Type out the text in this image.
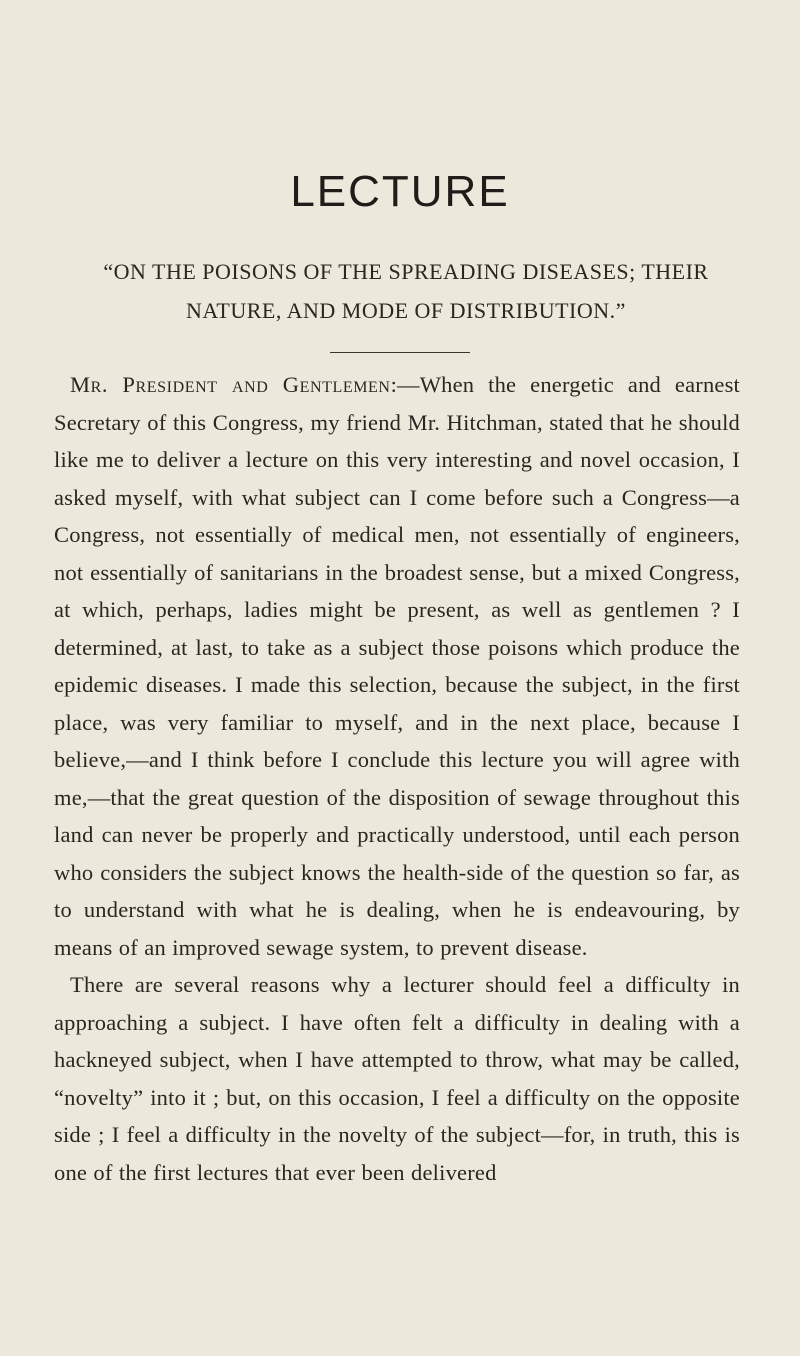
LECTURE
“ON THE POISONS OF THE SPREADING DISEASES; THEIR NATURE, AND MODE OF DISTRIBUTION.”

Mr. President and Gentlemen:—When the energetic and earnest Secretary of this Congress, my friend Mr. Hitchman, stated that he should like me to deliver a lecture on this very interesting and novel occasion, I asked myself, with what subject can I come before such a Congress—a Congress, not essentially of medical men, not essentially of engineers, not essentially of sanitarians in the broadest sense, but a mixed Congress, at which, perhaps, ladies might be present, as well as gentlemen ? I determined, at last, to take as a subject those poisons which produce the epidemic diseases. I made this selection, because the subject, in the first place, was very familiar to myself, and in the next place, because I believe,—and I think before I conclude this lecture you will agree with me,—that the great question of the disposition of sewage throughout this land can never be properly and practically understood, until each person who considers the subject knows the health-side of the question so far, as to understand with what he is dealing, when he is endeavouring, by means of an improved sewage system, to prevent disease.

There are several reasons why a lecturer should feel a difficulty in approaching a subject. I have often felt a difficulty in dealing with a hackneyed subject, when I have attempted to throw, what may be called, “novelty” into it ; but, on this occasion, I feel a difficulty on the opposite side ; I feel a difficulty in the novelty of the subject—for, in truth, this is one of the first lectures that ever been delivered
